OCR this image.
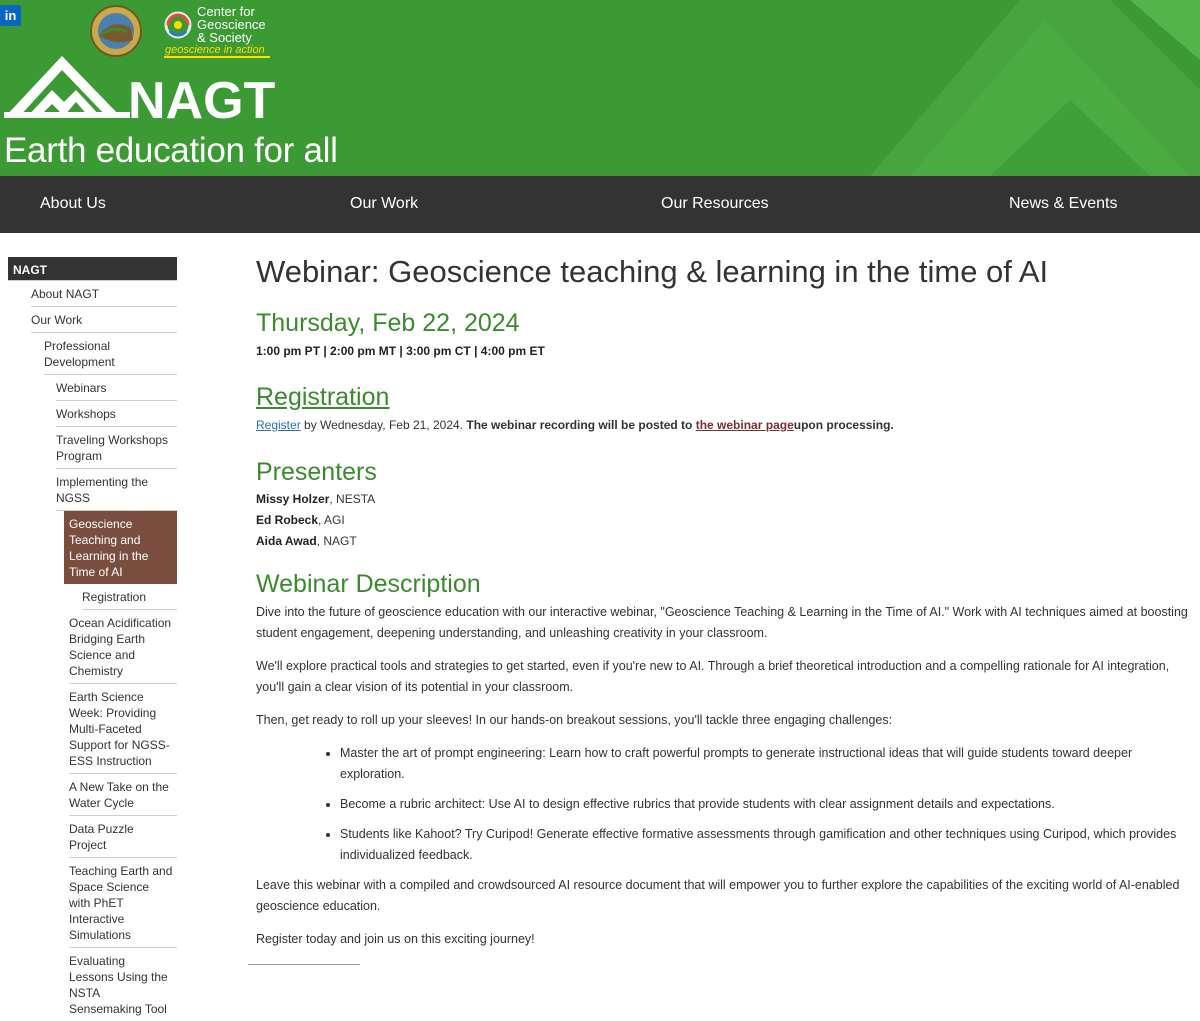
in	Center for
Geoscience
& Society
geoscience in action
NAGT
Earth education for all
About Us	Our Work	Our Resources	News & Events
NAGT
About NAGT
Our Work
Professional Development
Webinars
Workshops
Traveling Workshops Program
Implementing the NGSS
Geoscience Teaching and Learning in the Time of AI
Registration
Ocean Acidification Bridging Earth Science and Chemistry
Earth Science Week: Providing Multi-Faceted Support for NGSS-ESS Instruction
A New Take on the Water Cycle
Data Puzzle Project
Teaching Earth and Space Science with PhET Interactive Simulations
Evaluating Lessons Using the NSTA Sensemaking Tool
Webinar: Geoscience teaching & learning in the time of AI
Thursday, Feb 22, 2024
1:00 pm PT | 2:00 pm MT | 3:00 pm CT | 4:00 pm ET
Registration
Register by Wednesday, Feb 21, 2024. The webinar recording will be posted to the webinar pageupon processing.
Presenters
Missy Holzer, NESTA
Ed Robeck, AGI
Aida Awad, NAGT
Webinar Description

Dive into the future of geoscience education with our interactive webinar, "Geoscience Teaching & Learning in the Time of AI." Work with AI techniques aimed at boosting student engagement, deepening understanding, and unleashing creativity in your classroom.

We'll explore practical tools and strategies to get started, even if you're new to AI. Through a brief theoretical introduction and a compelling rationale for AI integration, you'll gain a clear vision of its potential in your classroom.

Then, get ready to roll up your sleeves! In our hands-on breakout sessions, you'll tackle three engaging challenges:

• Master the art of prompt engineering: Learn how to craft powerful prompts to generate instructional ideas that will guide students toward deeper exploration.
• Become a rubric architect: Use AI to design effective rubrics that provide students with clear assignment details and expectations.
• Students like Kahoot? Try Curipod! Generate effective formative assessments through gamification and other techniques using Curipod, which provides individualized feedback.

Leave this webinar with a compiled and crowdsourced AI resource document that will empower you to further explore the capabilities of the exciting world of AI-enabled geoscience education.

Register today and join us on this exciting journey!
